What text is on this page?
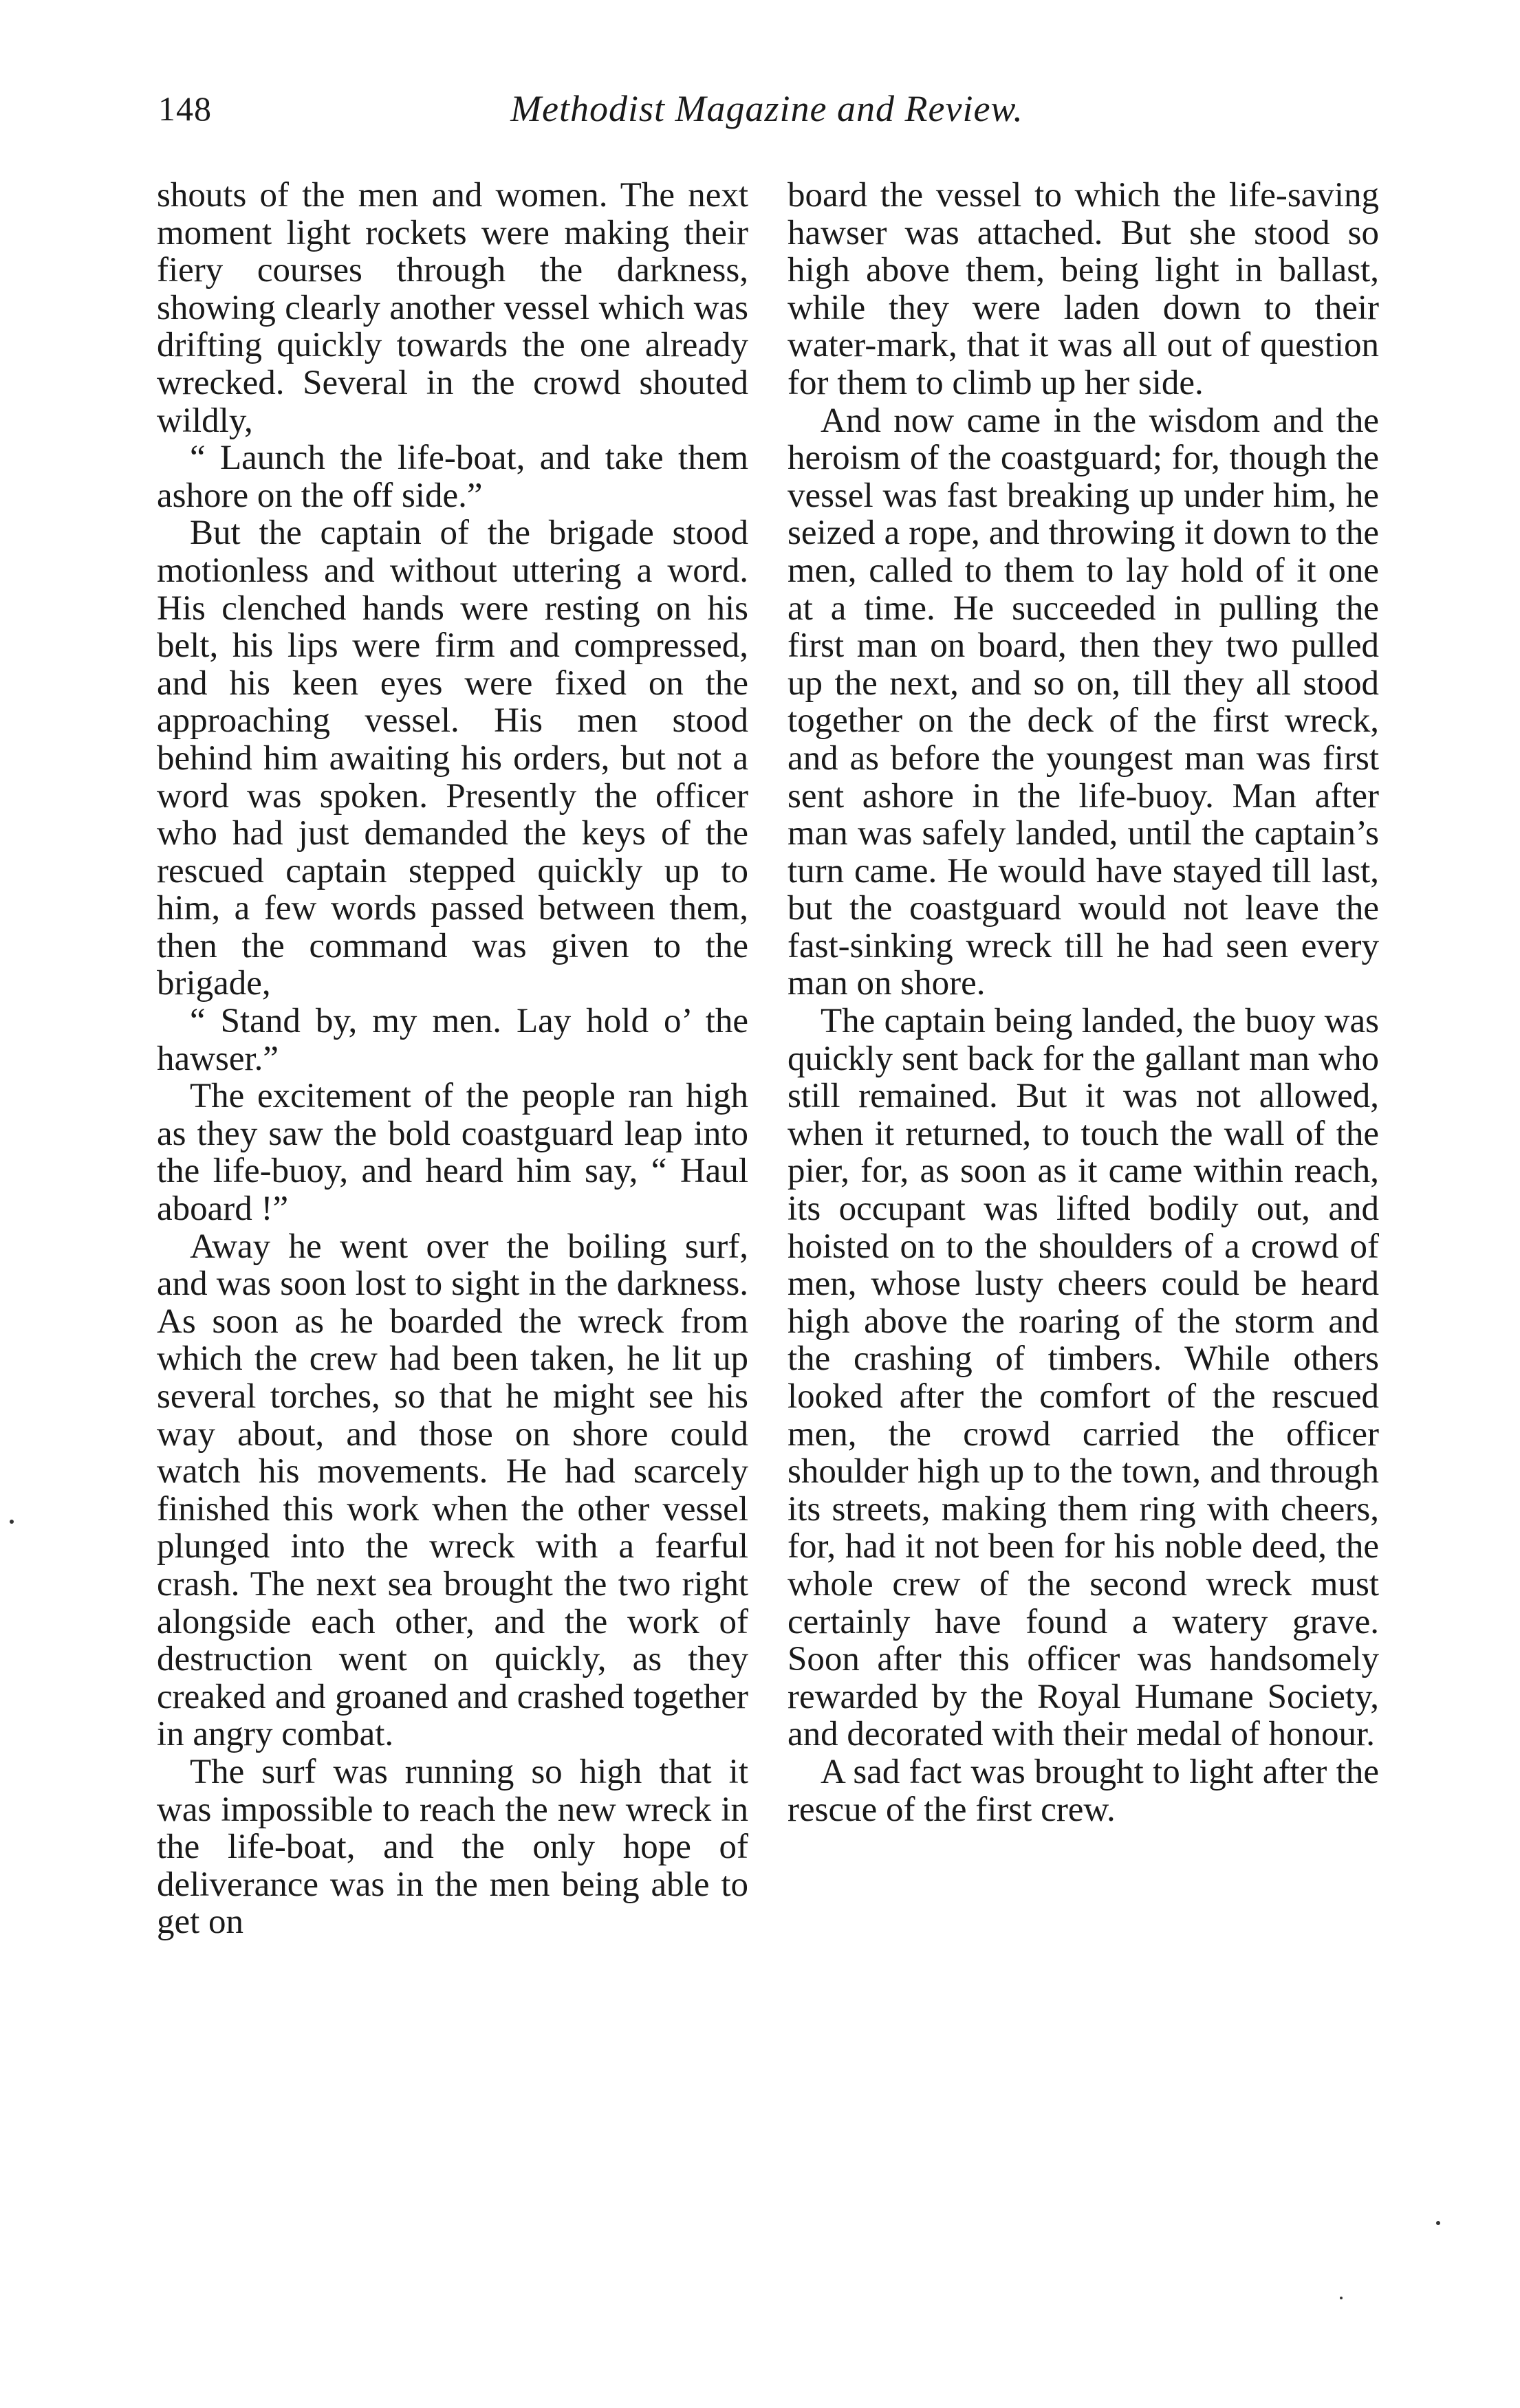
148	Methodist Magazine and Review.

shouts of the men and women. The next moment light rockets were making their fiery courses through the darkness, showing clearly another vessel which was drifting quickly towards the one already wrecked. Several in the crowd shouted wildly,

“ Launch the life-boat, and take them ashore on the off side.”

But the captain of the brigade stood motionless and without uttering a word. His clenched hands were resting on his belt, his lips were firm and compressed, and his keen eyes were fixed on the approaching vessel. His men stood behind him awaiting his orders, but not a word was spoken. Presently the officer who had just demanded the keys of the rescued captain stepped quickly up to him, a few words passed between them, then the command was given to the brigade,

“ Stand by, my men. Lay hold o’ the hawser.”

The excitement of the people ran high as they saw the bold coastguard leap into the life-buoy, and heard him say, “ Haul aboard !”

Away he went over the boiling surf, and was soon lost to sight in the darkness. As soon as he boarded the wreck from which the crew had been taken, he lit up several torches, so that he might see his way about, and those on shore could watch his movements. He had scarcely finished this work when the other vessel plunged into the wreck with a fearful crash. The next sea brought the two right alongside each other, and the work of destruction went on quickly, as they creaked and groaned and crashed together in angry combat.

The surf was running so high that it was impossible to reach the new wreck in the life-boat, and the only hope of deliverance was in the men being able to get on

board the vessel to which the life-saving hawser was attached. But she stood so high above them, being light in ballast, while they were laden down to their water-mark, that it was all out of question for them to climb up her side.

And now came in the wisdom and the heroism of the coastguard; for, though the vessel was fast breaking up under him, he seized a rope, and throwing it down to the men, called to them to lay hold of it one at a time. He succeeded in pulling the first man on board, then they two pulled up the next, and so on, till they all stood together on the deck of the first wreck, and as before the youngest man was first sent ashore in the life-buoy. Man after man was safely landed, until the captain’s turn came. He would have stayed till last, but the coastguard would not leave the fast-sinking wreck till he had seen every man on shore.

The captain being landed, the buoy was quickly sent back for the gallant man who still remained. But it was not allowed, when it returned, to touch the wall of the pier, for, as soon as it came within reach, its occupant was lifted bodily out, and hoisted on to the shoulders of a crowd of men, whose lusty cheers could be heard high above the roaring of the storm and the crashing of timbers. While others looked after the comfort of the rescued men, the crowd carried the officer shoulder high up to the town, and through its streets, making them ring with cheers, for, had it not been for his noble deed, the whole crew of the second wreck must certainly have found a watery grave. Soon after this officer was handsomely rewarded by the Royal Humane Society, and decorated with their medal of honour.

A sad fact was brought to light after the rescue of the first crew.
